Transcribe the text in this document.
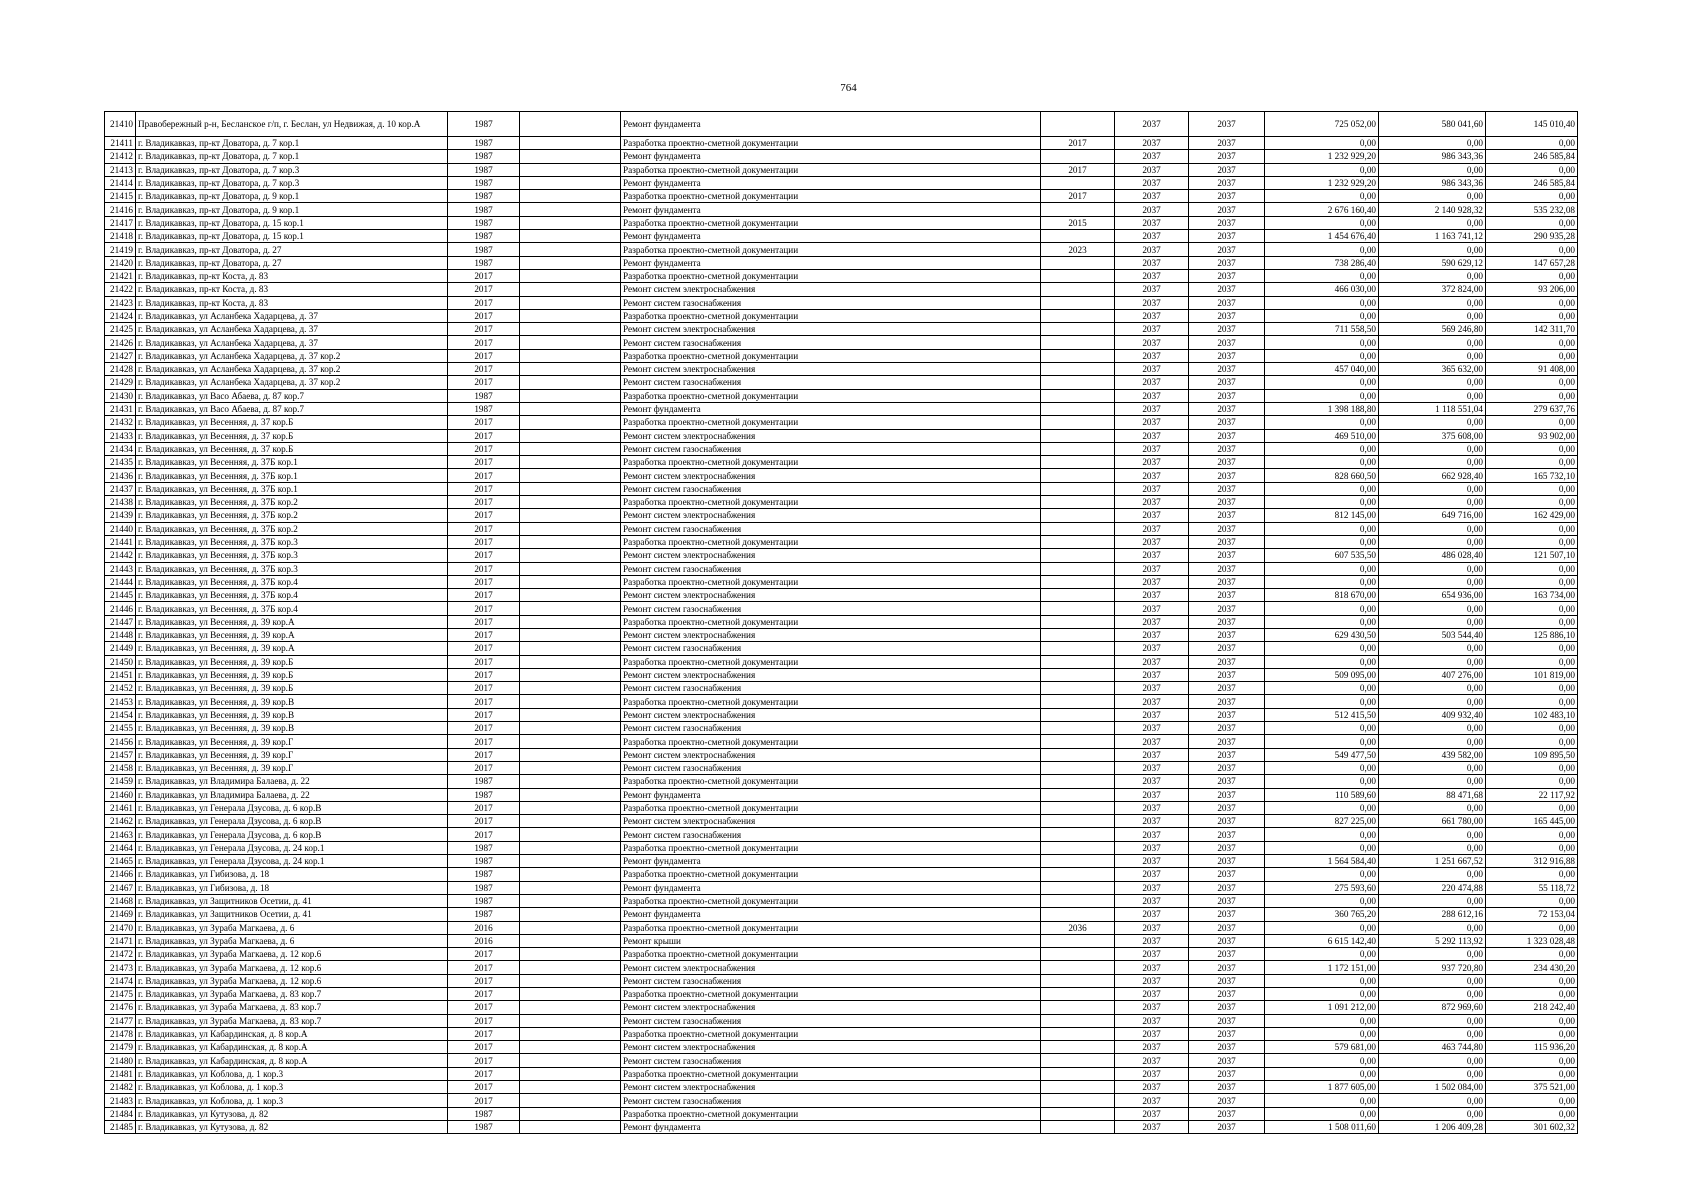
764
21410	Правобережный р-н, Бесланское г/п, г. Беслан, ул Недвижая, д. 10 кор.А	1987		Ремонт фундамента		2037	2037	725 052,00	580 041,60	145 010,40
21411	г. Владикавказ, пр-кт Доватора, д. 7 кор.1	1987		Разработка проектно-сметной документации	2017	2037	2037	0,00	0,00	0,00
21412	г. Владикавказ, пр-кт Доватора, д. 7 кор.1	1987		Ремонт фундамента		2037	2037	1 232 929,20	986 343,36	246 585,84
21413	г. Владикавказ, пр-кт Доватора, д. 7 кор.3	1987		Разработка проектно-сметной документации	2017	2037	2037	0,00	0,00	0,00
21414	г. Владикавказ, пр-кт Доватора, д. 7 кор.3	1987		Ремонт фундамента		2037	2037	1 232 929,20	986 343,36	246 585,84
21415	г. Владикавказ, пр-кт Доватора, д. 9 кор.1	1987		Разработка проектно-сметной документации	2017	2037	2037	0,00	0,00	0,00
21416	г. Владикавказ, пр-кт Доватора, д. 9 кор.1	1987		Ремонт фундамента		2037	2037	2 676 160,40	2 140 928,32	535 232,08
21417	г. Владикавказ, пр-кт Доватора, д. 15 кор.1	1987		Разработка проектно-сметной документации	2015	2037	2037	0,00	0,00	0,00
21418	г. Владикавказ, пр-кт Доватора, д. 15 кор.1	1987		Ремонт фундамента		2037	2037	1 454 676,40	1 163 741,12	290 935,28
21419	г. Владикавказ, пр-кт Доватора, д. 27	1987		Разработка проектно-сметной документации	2023	2037	2037	0,00	0,00	0,00
21420	г. Владикавказ, пр-кт Доватора, д. 27	1987		Ремонт фундамента		2037	2037	738 286,40	590 629,12	147 657,28
21421	г. Владикавказ, пр-кт Коста, д. 83	2017		Разработка проектно-сметной документации		2037	2037	0,00	0,00	0,00
21422	г. Владикавказ, пр-кт Коста, д. 83	2017		Ремонт систем электроснабжения		2037	2037	466 030,00	372 824,00	93 206,00
21423	г. Владикавказ, пр-кт Коста, д. 83	2017		Ремонт систем газоснабжения		2037	2037	0,00	0,00	0,00
21424	г. Владикавказ, ул Асланбека Хадарцева, д. 37	2017		Разработка проектно-сметной документации		2037	2037	0,00	0,00	0,00
21425	г. Владикавказ, ул Асланбека Хадарцева, д. 37	2017		Ремонт систем электроснабжения		2037	2037	711 558,50	569 246,80	142 311,70
21426	г. Владикавказ, ул Асланбека Хадарцева, д. 37	2017		Ремонт систем газоснабжения		2037	2037	0,00	0,00	0,00
21427	г. Владикавказ, ул Асланбека Хадарцева, д. 37 кор.2	2017		Разработка проектно-сметной документации		2037	2037	0,00	0,00	0,00
21428	г. Владикавказ, ул Асланбека Хадарцева, д. 37 кор.2	2017		Ремонт систем электроснабжения		2037	2037	457 040,00	365 632,00	91 408,00
21429	г. Владикавказ, ул Асланбека Хадарцева, д. 37 кор.2	2017		Ремонт систем газоснабжения		2037	2037	0,00	0,00	0,00
21430	г. Владикавказ, ул Васо Абаева, д. 87 кор.7	1987		Разработка проектно-сметной документации		2037	2037	0,00	0,00	0,00
21431	г. Владикавказ, ул Васо Абаева, д. 87 кор.7	1987		Ремонт фундамента		2037	2037	1 398 188,80	1 118 551,04	279 637,76
21432	г. Владикавказ, ул Весенняя, д. 37 кор.Б	2017		Разработка проектно-сметной документации		2037	2037	0,00	0,00	0,00
21433	г. Владикавказ, ул Весенняя, д. 37 кор.Б	2017		Ремонт систем электроснабжения		2037	2037	469 510,00	375 608,00	93 902,00
21434	г. Владикавказ, ул Весенняя, д. 37 кор.Б	2017		Ремонт систем газоснабжения		2037	2037	0,00	0,00	0,00
21435	г. Владикавказ, ул Весенняя, д. 37Б кор.1	2017		Разработка проектно-сметной документации		2037	2037	0,00	0,00	0,00
21436	г. Владикавказ, ул Весенняя, д. 37Б кор.1	2017		Ремонт систем электроснабжения		2037	2037	828 660,50	662 928,40	165 732,10
21437	г. Владикавказ, ул Весенняя, д. 37Б кор.1	2017		Ремонт систем газоснабжения		2037	2037	0,00	0,00	0,00
21438	г. Владикавказ, ул Весенняя, д. 37Б кор.2	2017		Разработка проектно-сметной документации		2037	2037	0,00	0,00	0,00
21439	г. Владикавказ, ул Весенняя, д. 37Б кор.2	2017		Ремонт систем электроснабжения		2037	2037	812 145,00	649 716,00	162 429,00
21440	г. Владикавказ, ул Весенняя, д. 37Б кор.2	2017		Ремонт систем газоснабжения		2037	2037	0,00	0,00	0,00
21441	г. Владикавказ, ул Весенняя, д. 37Б кор.3	2017		Разработка проектно-сметной документации		2037	2037	0,00	0,00	0,00
21442	г. Владикавказ, ул Весенняя, д. 37Б кор.3	2017		Ремонт систем электроснабжения		2037	2037	607 535,50	486 028,40	121 507,10
21443	г. Владикавказ, ул Весенняя, д. 37Б кор.3	2017		Ремонт систем газоснабжения		2037	2037	0,00	0,00	0,00
21444	г. Владикавказ, ул Весенняя, д. 37Б кор.4	2017		Разработка проектно-сметной документации		2037	2037	0,00	0,00	0,00
21445	г. Владикавказ, ул Весенняя, д. 37Б кор.4	2017		Ремонт систем электроснабжения		2037	2037	818 670,00	654 936,00	163 734,00
21446	г. Владикавказ, ул Весенняя, д. 37Б кор.4	2017		Ремонт систем газоснабжения		2037	2037	0,00	0,00	0,00
21447	г. Владикавказ, ул Весенняя, д. 39 кор.А	2017		Разработка проектно-сметной документации		2037	2037	0,00	0,00	0,00
21448	г. Владикавказ, ул Весенняя, д. 39 кор.А	2017		Ремонт систем электроснабжения		2037	2037	629 430,50	503 544,40	125 886,10
21449	г. Владикавказ, ул Весенняя, д. 39 кор.А	2017		Ремонт систем газоснабжения		2037	2037	0,00	0,00	0,00
21450	г. Владикавказ, ул Весенняя, д. 39 кор.Б	2017		Разработка проектно-сметной документации		2037	2037	0,00	0,00	0,00
21451	г. Владикавказ, ул Весенняя, д. 39 кор.Б	2017		Ремонт систем электроснабжения		2037	2037	509 095,00	407 276,00	101 819,00
21452	г. Владикавказ, ул Весенняя, д. 39 кор.Б	2017		Ремонт систем газоснабжения		2037	2037	0,00	0,00	0,00
21453	г. Владикавказ, ул Весенняя, д. 39 кор.В	2017		Разработка проектно-сметной документации		2037	2037	0,00	0,00	0,00
21454	г. Владикавказ, ул Весенняя, д. 39 кор.В	2017		Ремонт систем электроснабжения		2037	2037	512 415,50	409 932,40	102 483,10
21455	г. Владикавказ, ул Весенняя, д. 39 кор.В	2017		Ремонт систем газоснабжения		2037	2037	0,00	0,00	0,00
21456	г. Владикавказ, ул Весенняя, д. 39 кор.Г	2017		Разработка проектно-сметной документации		2037	2037	0,00	0,00	0,00
21457	г. Владикавказ, ул Весенняя, д. 39 кор.Г	2017		Ремонт систем электроснабжения		2037	2037	549 477,50	439 582,00	109 895,50
21458	г. Владикавказ, ул Весенняя, д. 39 кор.Г	2017		Ремонт систем газоснабжения		2037	2037	0,00	0,00	0,00
21459	г. Владикавказ, ул Владимира Балаева, д. 22	1987		Разработка проектно-сметной документации		2037	2037	0,00	0,00	0,00
21460	г. Владикавказ, ул Владимира Балаева, д. 22	1987		Ремонт фундамента		2037	2037	110 589,60	88 471,68	22 117,92
21461	г. Владикавказ, ул Генерала Дзусова, д. 6 кор.В	2017		Разработка проектно-сметной документации		2037	2037	0,00	0,00	0,00
21462	г. Владикавказ, ул Генерала Дзусова, д. 6 кор.В	2017		Ремонт систем электроснабжения		2037	2037	827 225,00	661 780,00	165 445,00
21463	г. Владикавказ, ул Генерала Дзусова, д. 6 кор.В	2017		Ремонт систем газоснабжения		2037	2037	0,00	0,00	0,00
21464	г. Владикавказ, ул Генерала Дзусова, д. 24 кор.1	1987		Разработка проектно-сметной документации		2037	2037	0,00	0,00	0,00
21465	г. Владикавказ, ул Генерала Дзусова, д. 24 кор.1	1987		Ремонт фундамента		2037	2037	1 564 584,40	1 251 667,52	312 916,88
21466	г. Владикавказ, ул Гибизова, д. 18	1987		Разработка проектно-сметной документации		2037	2037	0,00	0,00	0,00
21467	г. Владикавказ, ул Гибизова, д. 18	1987		Ремонт фундамента		2037	2037	275 593,60	220 474,88	55 118,72
21468	г. Владикавказ, ул Защитников Осетии, д. 41	1987		Разработка проектно-сметной документации		2037	2037	0,00	0,00	0,00
21469	г. Владикавказ, ул Защитников Осетии, д. 41	1987		Ремонт фундамента		2037	2037	360 765,20	288 612,16	72 153,04
21470	г. Владикавказ, ул Зураба Магкаева, д. 6	2016		Разработка проектно-сметной документации	2036	2037	2037	0,00	0,00	0,00
21471	г. Владикавказ, ул Зураба Магкаева, д. 6	2016		Ремонт крыши		2037	2037	6 615 142,40	5 292 113,92	1 323 028,48
21472	г. Владикавказ, ул Зураба Магкаева, д. 12 кор.6	2017		Разработка проектно-сметной документации		2037	2037	0,00	0,00	0,00
21473	г. Владикавказ, ул Зураба Магкаева, д. 12 кор.6	2017		Ремонт систем электроснабжения		2037	2037	1 172 151,00	937 720,80	234 430,20
21474	г. Владикавказ, ул Зураба Магкаева, д. 12 кор.6	2017		Ремонт систем газоснабжения		2037	2037	0,00	0,00	0,00
21475	г. Владикавказ, ул Зураба Магкаева, д. 83 кор.7	2017		Разработка проектно-сметной документации		2037	2037	0,00	0,00	0,00
21476	г. Владикавказ, ул Зураба Магкаева, д. 83 кор.7	2017		Ремонт систем электроснабжения		2037	2037	1 091 212,00	872 969,60	218 242,40
21477	г. Владикавказ, ул Зураба Магкаева, д. 83 кор.7	2017		Ремонт систем газоснабжения		2037	2037	0,00	0,00	0,00
21478	г. Владикавказ, ул Кабардинская, д. 8 кор.А	2017		Разработка проектно-сметной документации		2037	2037	0,00	0,00	0,00
21479	г. Владикавказ, ул Кабардинская, д. 8 кор.А	2017		Ремонт систем электроснабжения		2037	2037	579 681,00	463 744,80	115 936,20
21480	г. Владикавказ, ул Кабардинская, д. 8 кор.А	2017		Ремонт систем газоснабжения		2037	2037	0,00	0,00	0,00
21481	г. Владикавказ, ул Коблова, д. 1 кор.3	2017		Разработка проектно-сметной документации		2037	2037	0,00	0,00	0,00
21482	г. Владикавказ, ул Коблова, д. 1 кор.3	2017		Ремонт систем электроснабжения		2037	2037	1 877 605,00	1 502 084,00	375 521,00
21483	г. Владикавказ, ул Коблова, д. 1 кор.3	2017		Ремонт систем газоснабжения		2037	2037	0,00	0,00	0,00
21484	г. Владикавказ, ул Кутузова, д. 82	1987		Разработка проектно-сметной документации		2037	2037	0,00	0,00	0,00
21485	г. Владикавказ, ул Кутузова, д. 82	1987		Ремонт фундамента		2037	2037	1 508 011,60	1 206 409,28	301 602,32
